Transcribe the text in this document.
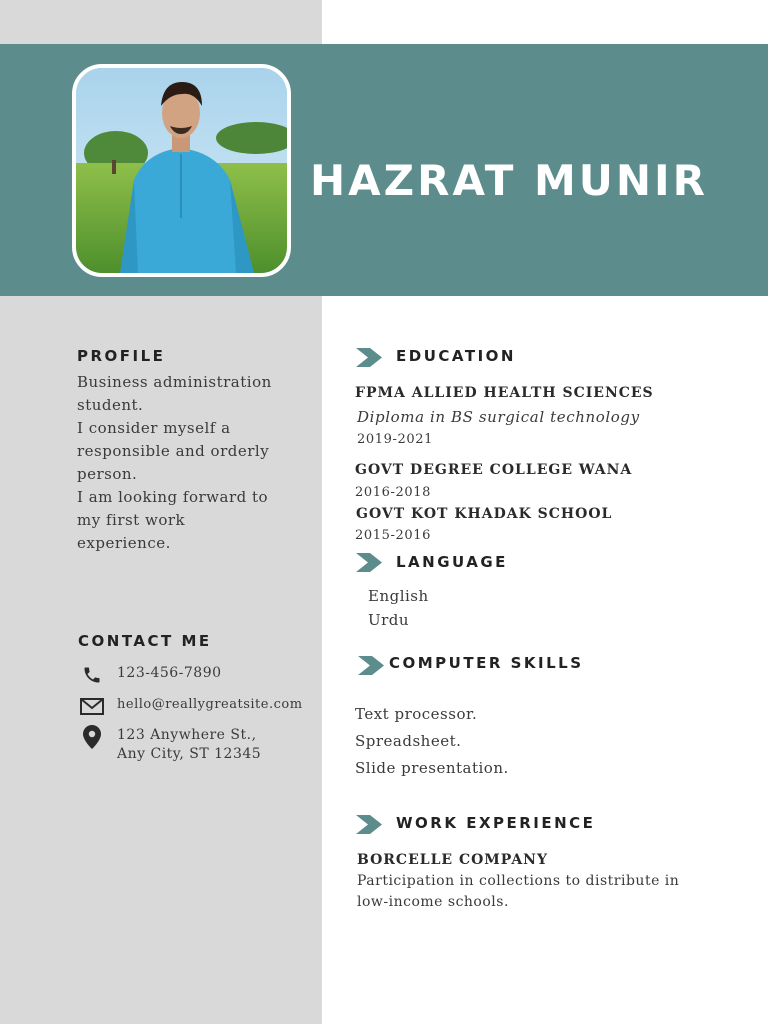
HAZRAT MUNIR
PROFILE
Business administration
student.
I consider myself a
responsible and orderly
person.
I am looking forward to
my first work
experience.
CONTACT ME
123-456-7890
hello@reallygreatsite.com
123 Anywhere St.,
Any City, ST 12345
EDUCATION
FPMA ALLIED HEALTH SCIENCES
Diploma in BS surgical technology
2019-2021
GOVT DEGREE COLLEGE WANA
2016-2018
GOVT KOT KHADAK SCHOOL
2015-2016
LANGUAGE
English
Urdu
COMPUTER SKILLS
Text processor.
Spreadsheet.
Slide presentation.
WORK EXPERIENCE
BORCELLE COMPANY
Participation in collections to distribute in
low-income schools.
